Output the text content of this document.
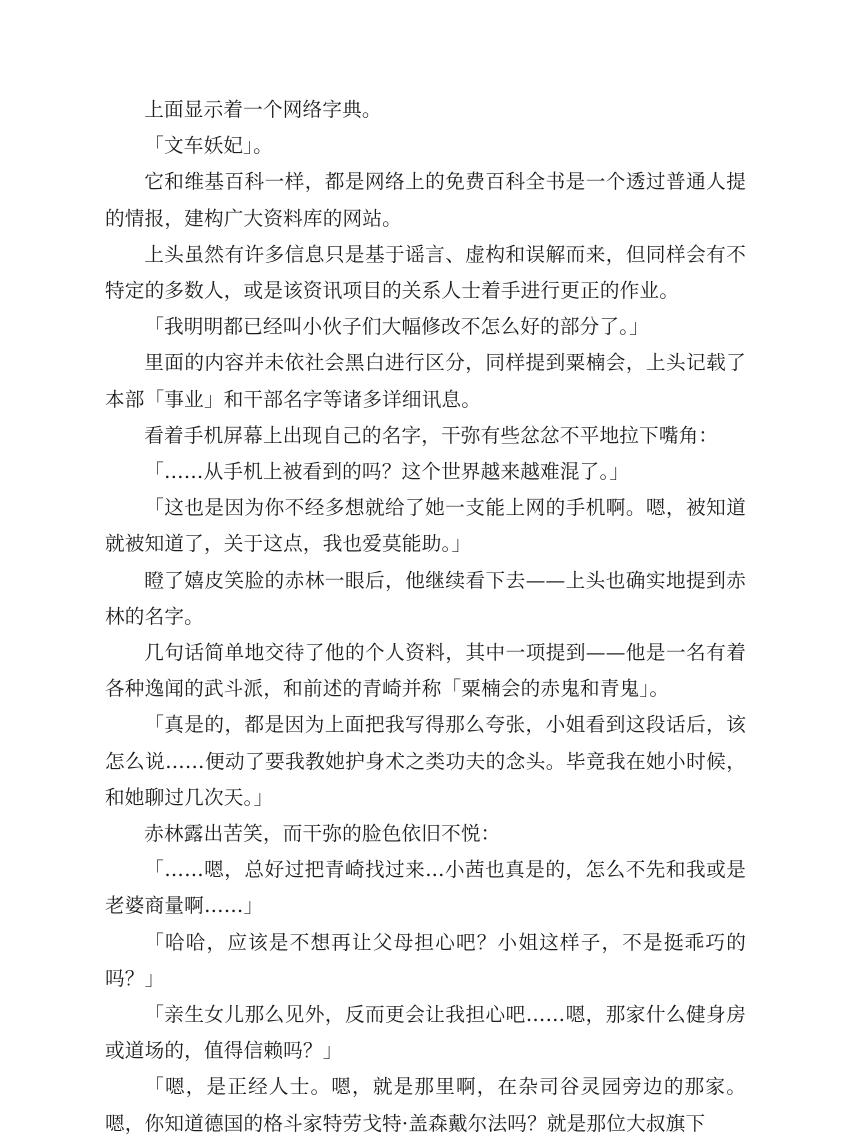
上面显示着一个网络字典。

「文车妖妃」。

它和维基百科一样，都是网络上的免费百科全书是一个透过普通人提的情报，建构广大资料库的网站。

上头虽然有许多信息只是基于谣言、虚构和误解而来，但同样会有不特定的多数人，或是该资讯项目的关系人士着手进行更正的作业。

「我明明都已经叫小伙子们大幅修改不怎么好的部分了。」

里面的内容并未依社会黑白进行区分，同样提到粟楠会，上头记载了本部「事业」和干部名字等诸多详细讯息。

看着手机屏幕上出现自己的名字，干弥有些忿忿不平地拉下嘴角：

「……从手机上被看到的吗？这个世界越来越难混了。」

「这也是因为你不经多想就给了她一支能上网的手机啊。嗯，被知道就被知道了，关于这点，我也爱莫能助。」

瞪了嬉皮笑脸的赤林一眼后，他继续看下去——上头也确实地提到赤林的名字。

几句话简单地交待了他的个人资料，其中一项提到——他是一名有着各种逸闻的武斗派，和前述的青崎并称「粟楠会的赤鬼和青鬼」。

「真是的，都是因为上面把我写得那么夸张，小姐看到这段话后，该怎么说……便动了要我教她护身术之类功夫的念头。毕竟我在她小时候，和她聊过几次天。」

赤林露出苦笑，而干弥的脸色依旧不悦：

「……嗯，总好过把青崎找过来...小茜也真是的，怎么不先和我或是老婆商量啊……」

「哈哈，应该是不想再让父母担心吧？小姐这样子，不是挺乖巧的吗？」

「亲生女儿那么见外，反而更会让我担心吧……嗯，那家什么健身房或道场的，值得信赖吗？」

「嗯，是正经人士。嗯，就是那里啊，在杂司谷灵园旁边的那家。嗯，你知道德国的格斗家特劳戈特·盖森戴尔法吗？就是那位大叔旗下
